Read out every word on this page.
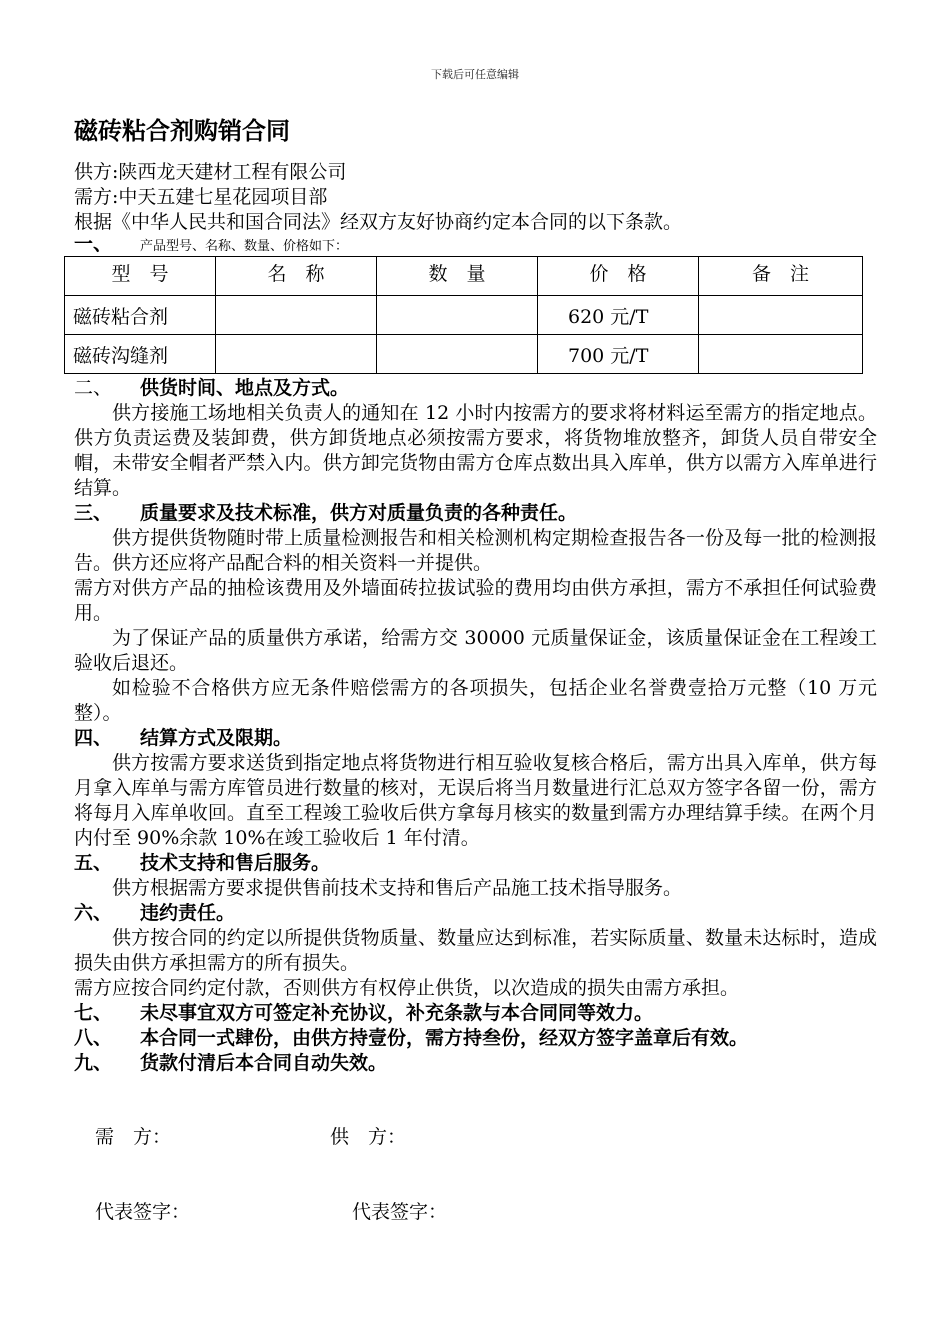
下载后可任意编辑
磁砖粘合剂购销合同

供方:陕西龙天建材工程有限公司

需方:中天五建七星花园项目部

根据《中华人民共和国合同法》经双方友好协商约定本合同的以下条款。

一、 产品型号、名称、数量、价格如下：

型　号	名　称	数　量	价　格	备　注
磁砖粘合剂			620 元/T	
磁砖沟缝剂			700 元/T	

二、 供货时间、地点及方式。

供方接施工场地相关负责人的通知在 12 小时内按需方的要求将材料运至需方的指定地点。供方负责运费及装卸费，供方卸货地点必须按需方要求，将货物堆放整齐，卸货人员自带安全帽，未带安全帽者严禁入内。供方卸完货物由需方仓库点数出具入库单，供方以需方入库单进行结算。

三、 质量要求及技术标准，供方对质量负责的各种责任。

供方提供货物随时带上质量检测报告和相关检测机构定期检查报告各一份及每一批的检测报告。供方还应将产品配合料的相关资料一并提供。

需方对供方产品的抽检该费用及外墙面砖拉拔试验的费用均由供方承担，需方不承担任何试验费用。

为了保证产品的质量供方承诺，给需方交 30000 元质量保证金，该质量保证金在工程竣工验收后退还。

如检验不合格供方应无条件赔偿需方的各项损失，包括企业名誉费壹拾万元整（10 万元整）。

四、 结算方式及限期。

供方按需方要求送货到指定地点将货物进行相互验收复核合格后，需方出具入库单，供方每月拿入库单与需方库管员进行数量的核对，无误后将当月数量进行汇总双方签字各留一份，需方将每月入库单收回。直至工程竣工验收后供方拿每月核实的数量到需方办理结算手续。在两个月内付至 90%余款 10%在竣工验收后 1 年付清。

五、 技术支持和售后服务。

供方根据需方要求提供售前技术支持和售后产品施工技术指导服务。

六、 违约责任。

供方按合同的约定以所提供货物质量、数量应达到标准，若实际质量、数量未达标时，造成损失由供方承担需方的所有损失。

需方应按合同约定付款，否则供方有权停止供货，以次造成的损失由需方承担。

七、 未尽事宜双方可签定补充协议，补充条款与本合同同等效力。

八、 本合同一式肆份，由供方持壹份，需方持叁份，经双方签字盖章后有效。

九、 货款付清后本合同自动失效。

需　方：	供　方：
代表签字：	代表签字：
